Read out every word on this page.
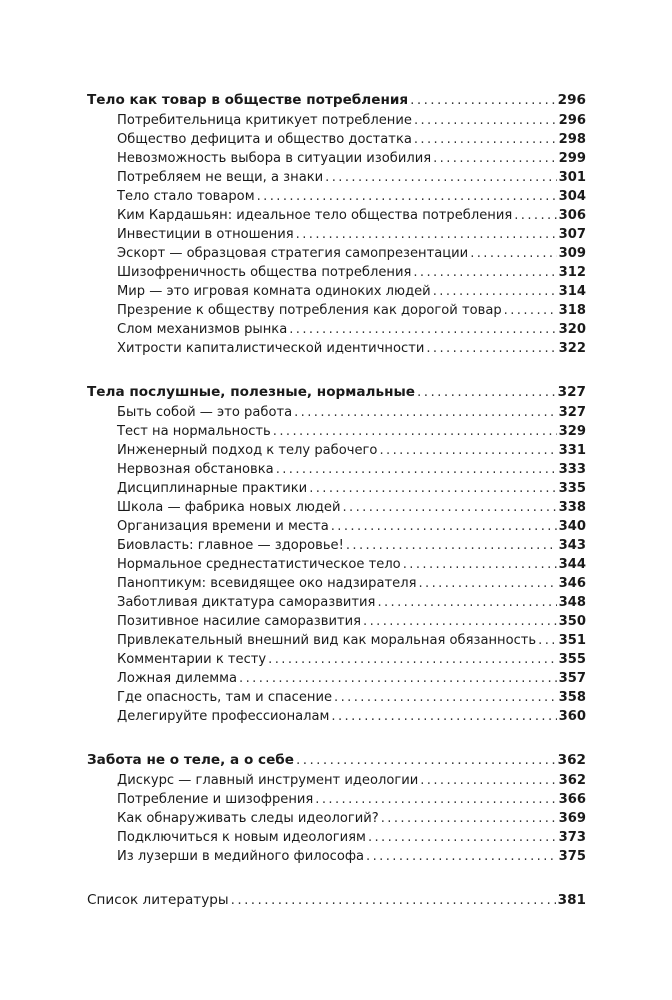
Тело как товар в обществе потребления .....	296
Потребительница критикует потребление .....	296
Общество дефицита и общество достатка .....	298
Невозможность выбора в ситуации изобилия .....	299
Потребляем не вещи, а знаки .....	301
Тело стало товаром .....	304
Ким Кардашьян: идеальное тело общества потребления .....	306
Инвестиции в отношения .....	307
Эскорт — образцовая стратегия самопрезентации .....	309
Шизофреничность общества потребления .....	312
Мир — это игровая комната одиноких людей .....	314
Презрение к обществу потребления как дорогой товар .....	318
Слом механизмов рынка .....	320
Хитрости капиталистической идентичности .....	322
Тела послушные, полезные, нормальные .....	327
Быть собой — это работа .....	327
Тест на нормальность .....	329
Инженерный подход к телу рабочего .....	331
Нервозная обстановка .....	333
Дисциплинарные практики .....	335
Школа — фабрика новых людей .....	338
Организация времени и места .....	340
Биовласть: главное — здоровье! .....	343
Нормальное среднестатистическое тело .....	344
Паноптикум: всевидящее око надзирателя .....	346
Заботливая диктатура саморазвития .....	348
Позитивное насилие саморазвития .....	350
Привлекательный внешний вид как моральная обязанность ..... 351
Комментарии к тесту .....	355
Ложная дилемма .....	357
Где опасность, там и спасение .....	358
Делегируйте профессионалам .....	360
Забота не о теле, а о себе .....	362
Дискурс — главный инструмент идеологии .....	362
Потребление и шизофрения .....	366
Как обнаруживать следы идеологий? .....	369
Подключиться к новым идеологиям .....	373
Из лузерши в медийного философа .....	375
Список литературы .....	381
